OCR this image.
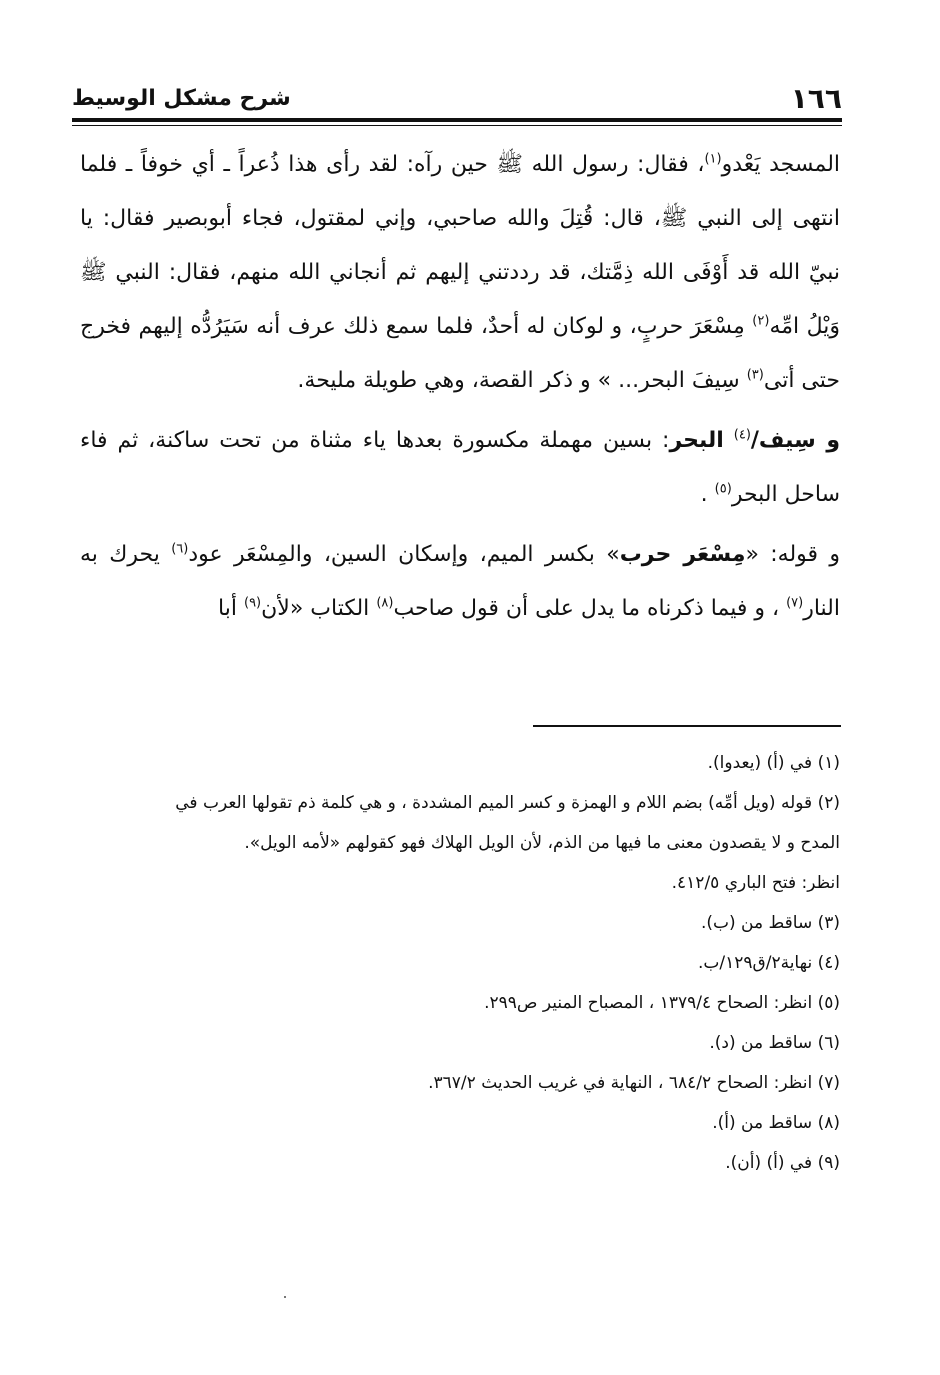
١٦٦
شرح مشكل الوسيط

المسجد يَعْدو$^{(١)}$، فقال: رسول الله ﷺ حين رآه: لقد رأى هذا ذُعراً ـ أي خوفاً ـ فلما انتهى إلى النبي ﷺ، قال: قُتِلَ والله صاحبي، وإني لمقتول، فجاء أبوبصير فقال: يا نبيّ الله قد أَوْفَى الله ذِمَّتك، قد رددتني إليهم ثم أنجاني الله منهم، فقال: النبي ﷺ وَيْلُ امِّه$^{(٢)}$ مِسْعَرَ حربٍ، و لوكان له أحدٌ، فلما سمع ذلك عرف أنه سَيَرُدُّه إليهم فخرج حتى أتى$^{(٣)}$ سِيفَ البحر... » و ذكر القصة، وهي طويلة مليحة.

و سِيف/$^{(٤)}$ البحر: بسين مهملة مكسورة بعدها ياء مثناة من تحت ساكنة، ثم فاء ساحل البحر$^{(٥)}$ .

و قوله: «مِسْعَر حرب» بكسر الميم، وإسكان السين، والمِسْعَر عود$^{(٦)}$ يحرك به النار$^{(٧)}$ ، و فيما ذكرناه ما يدل على أن قول صاحب$^{(٨)}$ الكتاب «لأن$^{(٩)}$ أبا

(١) في (أ) (يعدوا).

(٢) قوله (ويل أمِّه) بضم اللام و الهمزة و كسر الميم المشددة ، و هي كلمة ذم تقولها العرب في

المدح و لا يقصدون معنى ما فيها من الذم، لأن الويل الهلاك فهو كقولهم «لأمه الويل».

انظر: فتح الباري ٤١٢/٥.

(٣) ساقط من (ب).

(٤) نهاية٢/ق١٢٩/ب.

(٥) انظر: الصحاح ١٣٧٩/٤ ، المصباح المنير ص٢٩٩.

(٦) ساقط من (د).

(٧) انظر: الصحاح ٦٨٤/٢ ، النهاية في غريب الحديث ٣٦٧/٢.

(٨) ساقط من (أ).

(٩) في (أ) (أن).
